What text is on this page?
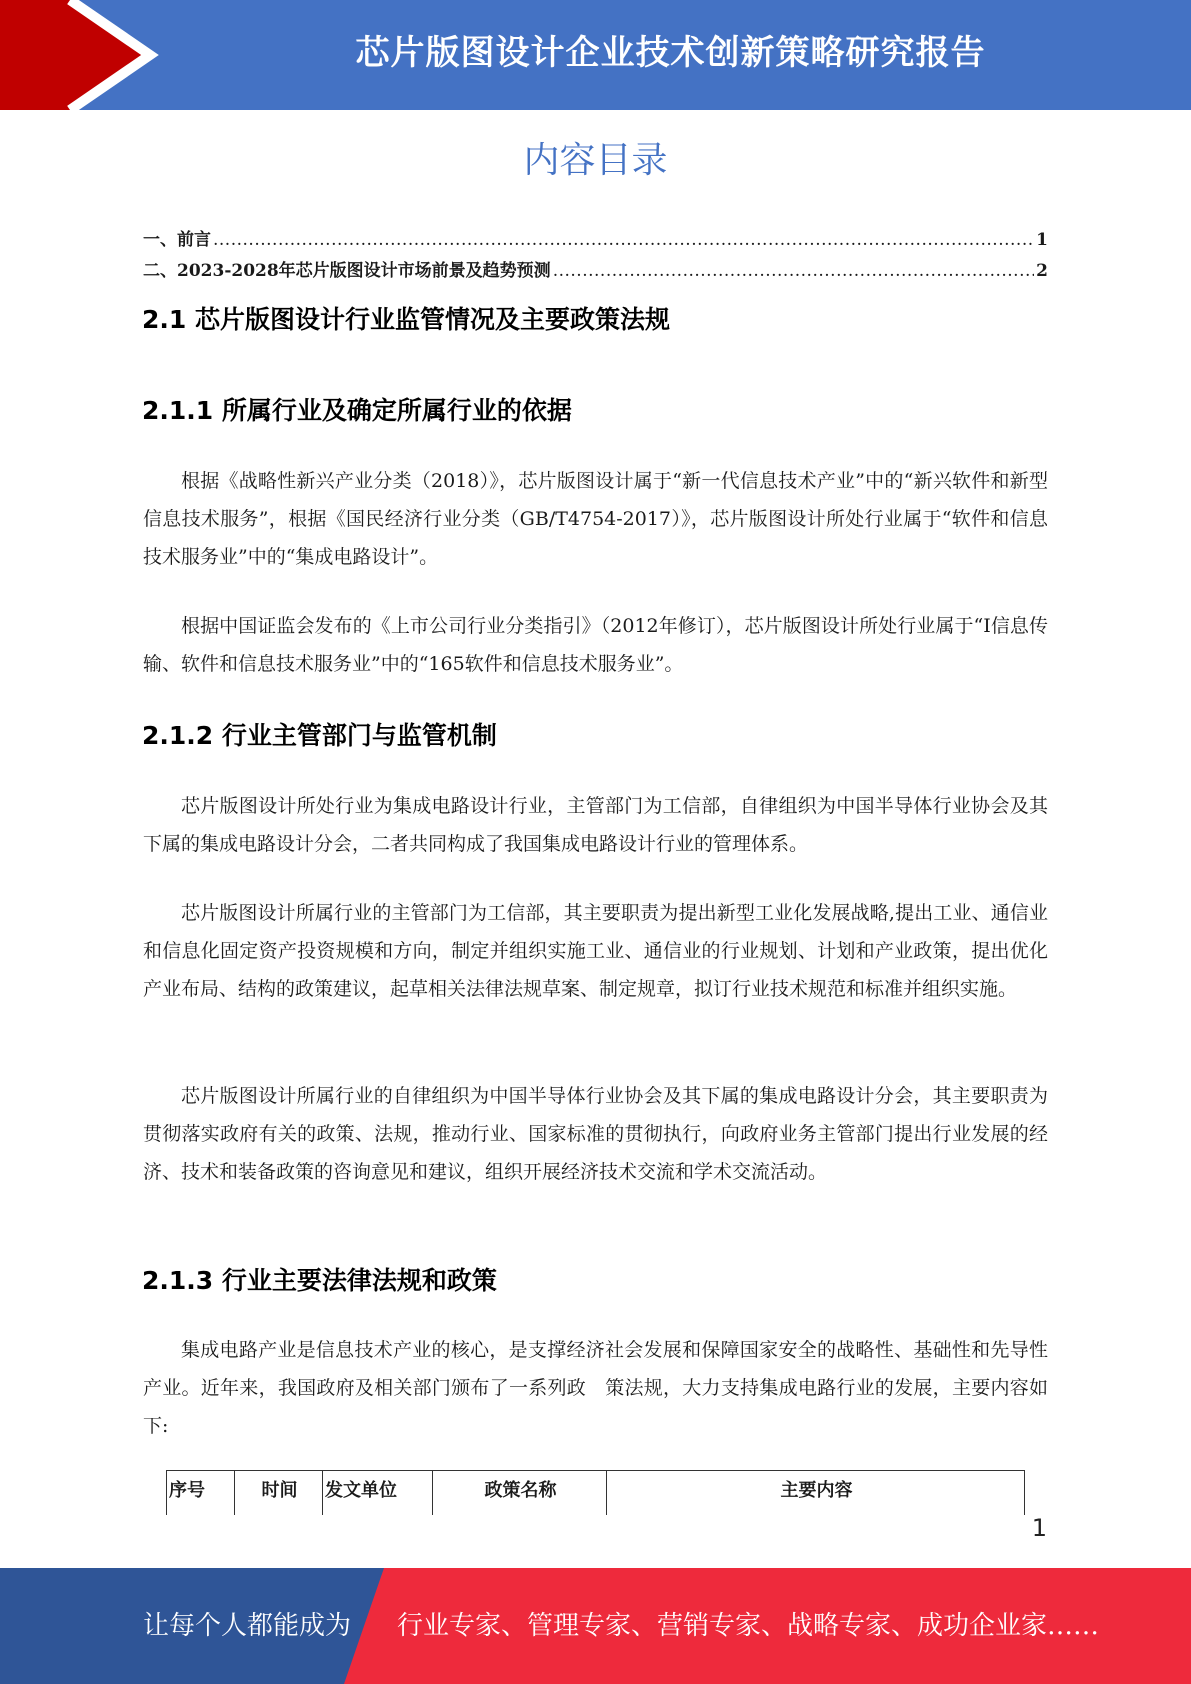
芯片版图设计企业技术创新策略研究报告
内容目录
一、前言 .....	1
二、2023-2028年芯片版图设计市场前景及趋势预测 .....	2
2.1 芯片版图设计行业监管情况及主要政策法规
2.1.1 所属行业及确定所属行业的依据
根据《战略性新兴产业分类（2018）》，芯片版图设计属于“新一代信息技术产业”中的“新兴软件和新型信息技术服务”，根据《国民经济行业分类（GB/T4754-2017）》，芯片版图设计所处行业属于“软件和信息技术服务业”中的“集成电路设计”。
根据中国证监会发布的《上市公司行业分类指引》（2012年修订），芯片版图设计所处行业属于“I信息传输、软件和信息技术服务业”中的“165软件和信息技术服务业”。
2.1.2 行业主管部门与监管机制
芯片版图设计所处行业为集成电路设计行业，主管部门为工信部，自律组织为中国半导体行业协会及其下属的集成电路设计分会，二者共同构成了我国集成电路设计行业的管理体系。
芯片版图设计所属行业的主管部门为工信部，其主要职责为提出新型工业化发展战略,提出工业、通信业和信息化固定资产投资规模和方向，制定并组织实施工业、通信业的行业规划、计划和产业政策，提出优化产业布局、结构的政策建议，起草相关法律法规草案、制定规章，拟订行业技术规范和标准并组织实施。
芯片版图设计所属行业的自律组织为中国半导体行业协会及其下属的集成电路设计分会，其主要职责为贯彻落实政府有关的政策、法规，推动行业、国家标准的贯彻执行，向政府业务主管部门提出行业发展的经济、技术和装备政策的咨询意见和建议，组织开展经济技术交流和学术交流活动。
2.1.3 行业主要法律法规和政策
集成电路产业是信息技术产业的核心，是支撑经济社会发展和保障国家安全的战略性、基础性和先导性产业。近年来，我国政府及相关部门颁布了一系列政　策法规，大力支持集成电路行业的发展，主要内容如下:
序号	时间	发文单位	政策名称	主要内容
1
让每个人都能成为 行业专家、管理专家、营销专家、战略专家、成功企业家……
